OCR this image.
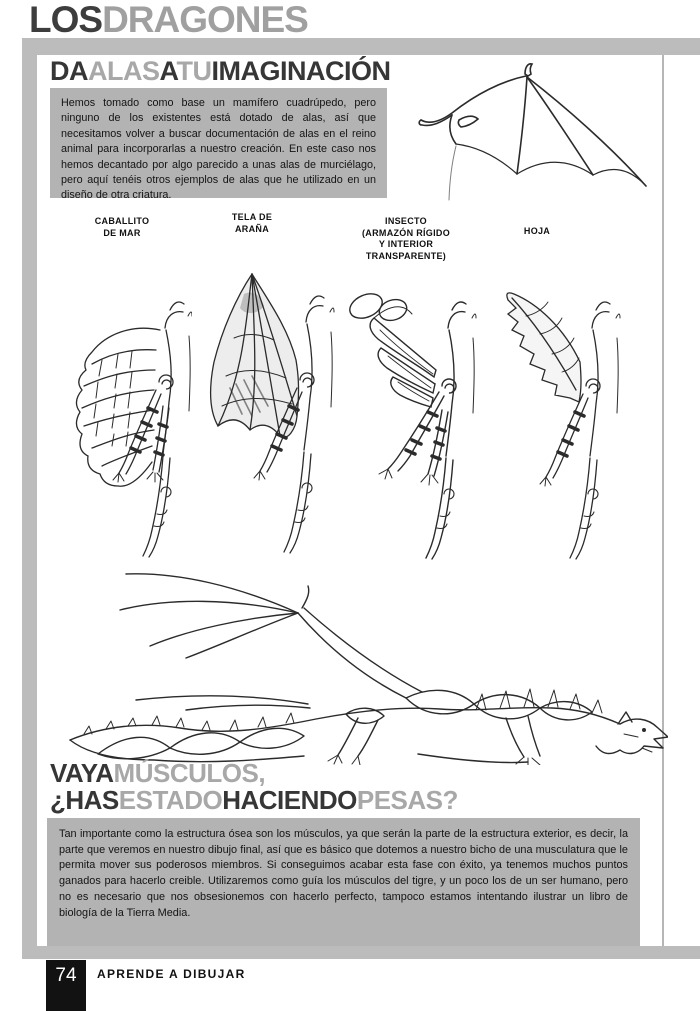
LOSDRAGONES
DAALASATUIMAGINACIÓN
Hemos tomado como base un mamífero cuadrúpedo, pero ninguno de los existentes está dotado de alas, así que necesitamos volver a buscar documentación de alas en el reino animal para incorporarlas a nuestro creación. En este caso nos hemos decantado por algo parecido a unas alas de murciélago, pero aquí tenéis otros ejemplos de alas que he utilizado en un diseño de otra criatura.
CABALLITO
DE MAR
TELA DE
ARAÑA
INSECTO
(ARMAZÓN RÍGIDO
Y INTERIOR
TRANSPARENTE)
HOJA
VAYAMÚSCULOS,
¿HASESTADOHACIENDOPESAS?
Tan importante como la estructura ósea son los músculos, ya que serán la parte de la estructura exterior, es decir, la parte que veremos en nuestro dibujo final, así que es básico que dotemos a nuestro bicho de una musculatura que le permita mover sus poderosos miembros. Si conseguimos acabar esta fase con éxito, ya tenemos muchos puntos ganados para hacerlo creible. Utilizaremos como guía los músculos del tigre, y un poco los de un ser humano, pero no es necesario que nos obsesionemos con hacerlo perfecto, tampoco estamos intentando ilustrar un libro de biología de la Tierra Media.
74	APRENDE A DIBUJAR
